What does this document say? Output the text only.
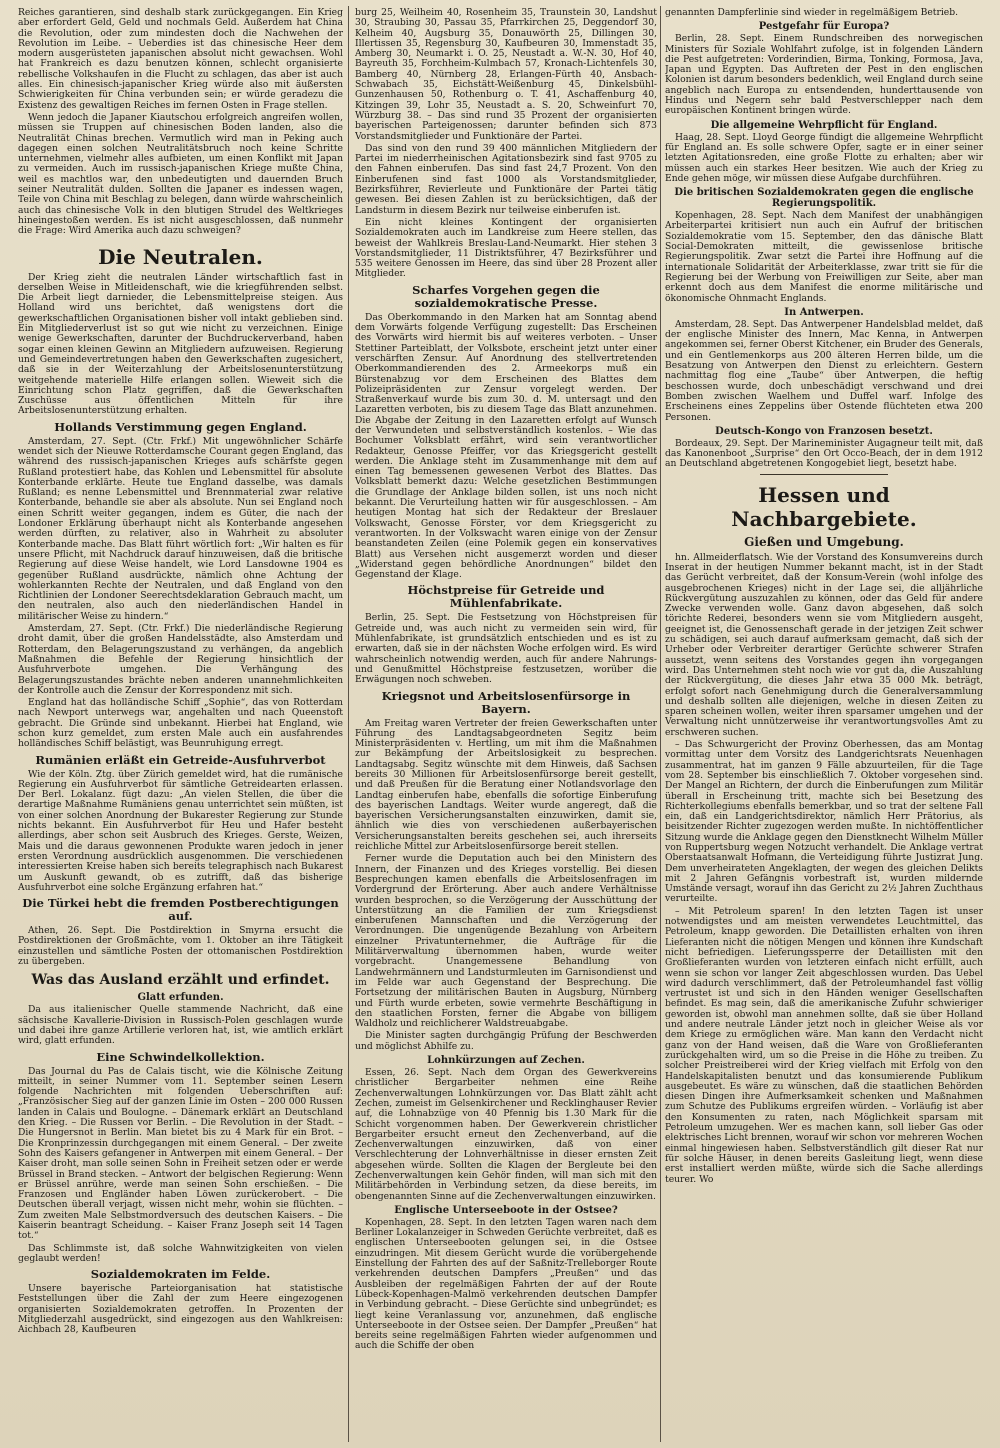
Reiches garantieren, sind deshalb stark zurückgegangen. Ein Krieg aber erfordert Geld, Geld und nochmals Geld. Außerdem hat China die Revolution, oder zum mindesten doch die Nachwehen der Revolution im Leibe. – Ueberdies ist das chinesische Heer dem modern ausgerüsteten japanischen absolut nicht gewachsen. Wohl hat Frankreich es dazu benutzen können, schlecht organisierte rebellische Volkshaufen in die Flucht zu schlagen, das aber ist auch alles. Ein chinesisch-japanischer Krieg würde also mit äußersten Schwierigkeiten für China verbunden sein; er würde geradezu die Existenz des gewaltigen Reiches im fernen Osten in Frage stellen.

Wenn jedoch die Japaner Kiautschou erfolgreich angreifen wollen, müssen sie Truppen auf chinesischen Boden landen, also die Neutralität Chinas brechen. Vermutlich wird man in Peking auch dagegen einen solchen Neutralitätsbruch noch keine Schritte unternehmen, vielmehr alles aufbieten, um einen Konflikt mit Japan zu vermeiden. Auch im russisch-japanischen Kriege mußte China, weil es machtlos war, den unbedeutigten und dauernden Bruch seiner Neutralität dulden. Sollten die Japaner es indessen wagen, Teile von China mit Beschlag zu belegen, dann würde wahrscheinlich auch das chinesische Volk in den blutigen Strudel des Weltkrieges hineingestoßen werden. Es ist nicht ausgeschlossen, daß nunmehr die Frage: Wird Amerika auch dazu schweigen?

Die Neutralen.

Der Krieg zieht die neutralen Länder wirtschaftlich fast in derselben Weise in Mitleidenschaft, wie die kriegführenden selbst. Die Arbeit liegt darnieder, die Lebensmittelpreise steigen. Aus Holland wird uns berichtet, daß wenigstens dort die gewerkschaftlichen Organisationen bisher voll intakt geblieben sind. Ein Mitgliederverlust ist so gut wie nicht zu verzeichnen. Einige wenige Gewerkschaften, darunter der Buchdruckerverband, haben sogar einen kleinen Gewinn an Mitgliedern aufzuweisen. Regierung und Gemeindevertretungen haben den Gewerkschaften zugesichert, daß sie in der Weiterzahlung der Arbeitslosenunterstützung weitgehende materielle Hilfe erlangen sollen. Wieweit sich die Einrichtung schon Platz gegriffen, daß die Gewerkschaften Zuschüsse aus öffentlichen Mitteln für ihre Arbeitslosenunterstützung erhalten.

Hollands Verstimmung gegen England.

Amsterdam, 27. Sept. (Ctr. Frkf.) Mit ungewöhnlicher Schärfe wendet sich der Nieuwe Rotterdamsche Courant gegen England, das während des russisch-japanischen Krieges aufs schärfste gegen Rußland protestiert habe, das Kohlen und Lebensmittel für absolute Konterbande erklärte. Heute tue England dasselbe, was damals Rußland; es nenne Lebensmittel und Brennmaterial zwar relative Konterbande, behandle sie aber als absolute. Nun sei England noch einen Schritt weiter gegangen, indem es Güter, die nach der Londoner Erklärung überhaupt nicht als Konterbande angesehen werden dürften, zu relativer, also in Wahrheit zu absoluter Konterbande mache. Das Blatt führt wörtlich fort: „Wir halten es für unsere Pflicht, mit Nachdruck darauf hinzuweisen, daß die britische Regierung auf diese Weise handelt, wie Lord Lansdowne 1904 es gegenüber Rußland ausdrückte, nämlich ohne Achtung der wohlerkannten Rechte der Neutralen, und daß England von den Richtlinien der Londoner Seerechtsdeklaration Gebrauch macht, um den neutralen, also auch den niederländischen Handel in militärischer Weise zu hindern.“

Amsterdam, 27. Sept. (Ctr. Frkf.) Die niederländische Regierung droht damit, über die großen Handelsstädte, also Amsterdam und Rotterdam, den Belagerungszustand zu verhängen, da angeblich Maßnahmen die Befehle der Regierung hinsichtlich der Ausfuhrverbote umgehen. Die Verhängung des Belagerungszustandes brächte neben anderen unannehmlichkeiten der Kontrolle auch die Zensur der Korrespondenz mit sich.

England hat das holländische Schiff „Sophie“, das von Rotterdam nach Newport unterwegs war, angehalten und nach Queenstoft gebracht. Die Gründe sind unbekannt. Hierbei hat England, wie schon kurz gemeldet, zum ersten Male auch ein ausfahrendes holländisches Schiff belästigt, was Beunruhigung erregt.

Rumänien erläßt ein Getreide-Ausfuhrverbot

Wie der Köln. Ztg. über Zürich gemeldet wird, hat die rumänische Regierung ein Ausfuhrverbot für sämtliche Getreidearten erlassen. Der Berl. Lokalanz. fügt dazu: „An vielen Stellen, die über die derartige Maßnahme Rumäniens genau unterrichtet sein müßten, ist von einer solchen Anordnung der Bukarester Regierung zur Stunde nichts bekannt. Ein Ausfuhrverbot für Heu und Hafer besteht allerdings, aber schon seit Ausbruch des Krieges. Gerste, Weizen, Mais und die daraus gewonnenen Produkte waren jedoch in jener ersten Verordnung ausdrücklich ausgenommen. Die verschiedenen interessierten Kreise haben sich bereits telegraphisch nach Bukarest um Auskunft gewandt, ob es zutrifft, daß das bisherige Ausfuhrverbot eine solche Ergänzung erfahren hat.“

Die Türkei hebt die fremden Postberechtigungen auf.

Athen, 26. Sept. Die Postdirektion in Smyrna ersucht die Postdirektionen der Großmächte, vom 1. Oktober an ihre Tätigkeit einzustellen und sämtliche Posten der ottomanischen Postdirektion zu übergeben.

Was das Ausland erzählt und erfindet.
Glatt erfunden.

Da aus italienischer Quelle stammende Nachricht, daß eine sächsische Kavallerie-Division in Russisch-Polen geschlagen wurde und dabei ihre ganze Artillerie verloren hat, ist, wie amtlich erklärt wird, glatt erfunden.

Eine Schwindelkollektion.

Das Journal du Pas de Calais tischt, wie die Kölnische Zeitung mitteilt, in seiner Nummer vom 11. September seinen Lesern folgende Nachrichten mit folgenden Ueberschriften auf: „Französischer Sieg auf der ganzen Linie im Osten – 200 000 Russen landen in Calais und Boulogne. – Dänemark erklärt an Deutschland den Krieg. – Die Russen vor Berlin. – Die Revolution in der Stadt. – Die Hungersnot in Berlin. Man bietet bis zu 4 Mark für ein Brot. – Die Kronprinzessin durchgegangen mit einem General. – Der zweite Sohn des Kaisers gefangener in Antwerpen mit einem General. – Der Kaiser droht, man solle seinen Sohn in Freiheit setzen oder er werde Brüssel in Brand stecken. – Antwort der belgischen Regierung: Wenn er Brüssel anrühre, werde man seinen Sohn erschießen. – Die Franzosen und Engländer haben Löwen zurückerobert. – Die Deutschen überall verjagt, wissen nicht mehr, wohin sie flüchten. – Zum zweiten Male Selbstmordversuch des deutschen Kaisers. – Die Kaiserin beantragt Scheidung. – Kaiser Franz Joseph seit 14 Tagen tot.“

Das Schlimmste ist, daß solche Wahnwitzigkeiten von vielen geglaubt werden!

Sozialdemokraten im Felde.

Unsere bayerische Parteiorganisation hat statistische Feststellungen über die Zahl der zum Heere eingezogenen organisierten Sozialdemokraten getroffen. In Prozenten der Mitgliederzahl ausgedrückt, sind eingezogen aus den Wahlkreisen: Aichbach 28, Kaufbeuren

burg 25, Weilheim 40, Rosenheim 35, Traunstein 30, Landshut 30, Straubing 30, Passau 35, Pfarrkirchen 25, Deggendorf 30, Kelheim 40, Augsburg 35, Donauwörth 25, Dillingen 30, Illertissen 35, Regensburg 30, Kaufbeuren 30, Immenstadt 35, Amberg 30, Neumarkt i. O. 25, Neustadt a. W.-N. 30, Hof 40, Bayreuth 35, Forchheim-Kulmbach 57, Kronach-Lichtenfels 30, Bamberg 40, Nürnberg 28, Erlangen-Fürth 40, Ansbach-Schwabach 35, Eichstätt-Weißenburg 45, Dinkelsbühl-Gunzenhausen 50, Rothenburg o. T. 41, Aschaffenburg 40, Kitzingen 39, Lohr 35, Neustadt a. S. 20, Schweinfurt 70, Würzburg 38. – Das sind rund 35 Prozent der organisierten bayerischen Parteigenossen; darunter befinden sich 873 Vorstandsmitglieder und Funktionäre der Partei.

Das sind von den rund 39 400 männlichen Mitgliedern der Partei im niederrheinischen Agitationsbezirk sind fast 9705 zu den Fahnen einberufen. Das sind fast 24,7 Prozent. Von den Einberufenen sind fast 1000 als Vorstandsmitglieder, Bezirksführer, Revierleute und Funktionäre der Partei tätig gewesen. Bei diesen Zahlen ist zu berücksichtigen, daß der Landsturm in diesem Bezirk nur teilweise einberufen ist.

Ein nicht kleines Kontingent der organisierten Sozialdemokraten auch im Landkreise zum Heere stellen, das beweist der Wahlkreis Breslau-Land-Neumarkt. Hier stehen 3 Vorstandsmitglieder, 11 Distriktsführer, 47 Bezirksführer und 535 weitere Genossen im Heere, das sind über 28 Prozent aller Mitglieder.

Scharfes Vorgehen gegen die sozialdemokratische Presse.

Das Oberkommando in den Marken hat am Sonntag abend dem Vorwärts folgende Verfügung zugestellt: Das Erscheinen des Vorwärts wird hiermit bis auf weiteres verboten. – Unser Stettiner Parteiblatt, der Volksbote, erscheint jetzt unter einer verschärften Zensur. Auf Anordnung des stellvertretenden Oberkommandierenden des 2. Armeekorps muß ein Bürstenabzug vor dem Erscheinen des Blattes dem Polizeipräsidenten zur Zensur vorgelegt werden. Der Straßenverkauf wurde bis zum 30. d. M. untersagt und den Lazaretten verboten, bis zu diesem Tage das Blatt anzunehmen. Die Abgabe der Zeitung in den Lazaretten erfolgt auf Wunsch der Verwundeten und selbstverständlich kostenlos. – Wie das Bochumer Volksblatt erfährt, wird sein verantwortlicher Redakteur, Genosse Pfeiffer, vor das Kriegsgericht gestellt werden. Die Anklage steht im Zusammenhange mit dem auf einen Tag bemessenen gewesenen Verbot des Blattes. Das Volksblatt bemerkt dazu: Welche gesetzlichen Bestimmungen die Grundlage der Anklage bilden sollen, ist uns noch nicht bekannt. Die Verurteilung hatten wir für ausgeschlossen. – Am heutigen Montag hat sich der Redakteur der Breslauer Volkswacht, Genosse Förster, vor dem Kriegsgericht zu verantworten. In der Volkswacht waren einige von der Zensur beanstandeten Zeilen (eine Polemik gegen ein konservatives Blatt) aus Versehen nicht ausgemerzt worden und dieser „Widerstand gegen behördliche Anordnungen“ bildet den Gegenstand der Klage.

Höchstpreise für Getreide und Mühlenfabrikate.

Berlin, 25. Sept. Die Festsetzung von Höchstpreisen für Getreide und, was auch nicht zu vermeiden sein wird, für Mühlenfabrikate, ist grundsätzlich entschieden und es ist zu erwarten, daß sie in der nächsten Woche erfolgen wird. Es wird wahrscheinlich notwendig werden, auch für andere Nahrungs- und Genußmittel Höchstpreise festzusetzen, worüber die Erwägungen noch schweben.

Kriegsnot und Arbeitslosenfürsorge in Bayern.

Am Freitag waren Vertreter der freien Gewerkschaften unter Führung des Landtagsabgeordneten Segitz beim Ministerpräsidenten v. Hertling, um mit ihm die Maßnahmen zur Bekämpfung der Arbeitslosigkeit zu besprechen. Landtagsabg. Segitz wünschte mit dem Hinweis, daß Sachsen bereits 30 Millionen für Arbeitslosenfürsorge bereit gestellt, und daß Preußen für die Beratung einer Notlandsvorlage den Landtag einberufen habe, ebenfalls die sofortige Einberufung des bayerischen Landtags. Weiter wurde angeregt, daß die bayerischen Versicherungsanstalten einzuwirken, damit sie, ähnlich wie dies von verschiedenen außerbayerischen Versicherungsanstalten bereits geschehen sei, auch ihrerseits reichliche Mittel zur Arbeitslosenfürsorge bereit stellen.

Ferner wurde die Deputation auch bei den Ministern des Innern, der Finanzen und des Krieges vorstellig. Bei diesen Besprechungen kamen ebenfalls die Arbeitslosenfragen im Vordergrund der Erörterung. Aber auch andere Verhältnisse wurden besprochen, so die Verzögerung der Ausschüttung der Unterstützung an die Familien der zum Kriegsdienst einberufenen Mannschaften und die Verzögerung der Verordnungen. Die ungenügende Bezahlung von Arbeitern einzelner Privatunternehmer, die Aufträge für die Militärverwaltung übernommen haben, wurde weiter vorgebracht. Unangemessene Behandlung von Landwehrmännern und Landsturmleuten im Garnisondienst und im Felde war auch Gegenstand der Besprechung. Die Fortsetzung der militärischen Bauten in Augsburg, Nürnberg und Fürth wurde erbeten, sowie vermehrte Beschäftigung in den staatlichen Forsten, ferner die Abgabe von billigem Waldholz und reichlicherer Waldstreuabgabe.

Die Minister sagten durchgängig Prüfung der Beschwerden und möglichst Abhilfe zu.

Lohnkürzungen auf Zechen.

Essen, 26. Sept. Nach dem Organ des Gewerkvereins christlicher Bergarbeiter nehmen eine Reihe Zechenverwaltungen Lohnkürzungen vor. Das Blatt zählt acht Zechen, zumeist im Gelsenkirchener und Recklinghauser Revier auf, die Lohnabzüge von 40 Pfennig bis 1.30 Mark für die Schicht vorgenommen haben. Der Gewerkverein christlicher Bergarbeiter ersucht erneut den Zechenverband, auf die Zechenverwaltungen einzuwirken, daß von einer Verschlechterung der Lohnverhältnisse in dieser ernsten Zeit abgesehen würde. Sollten die Klagen der Bergleute bei den Zechenverwaltungen kein Gehör finden, will man sich mit den Militärbehörden in Verbindung setzen, da diese bereits, im obengenannten Sinne auf die Zechenverwaltungen einzuwirken.

Englische Unterseeboote in der Ostsee?

Kopenhagen, 28. Sept. In den letzten Tagen waren nach dem Berliner Lokalanzeiger in Schweden Gerüchte verbreitet, daß es englischen Unterseebooten gelungen sei, in die Ostsee einzudringen. Mit diesem Gerücht wurde die vorübergehende Einstellung der Fahrten des auf der Saßnitz-Trelleborger Route verkehrenden deutschen Dampfers „Preußen“ und das Ausbleiben der regelmäßigen Fahrten der auf der Route Lübeck-Kopenhagen-Malmö verkehrenden deutschen Dampfer in Verbindung gebracht. – Diese Gerüchte sind unbegründet; es liegt keine Veranlassung vor, anzunehmen, daß englische Unterseeboote in der Ostsee seien. Der Dampfer „Preußen“ hat bereits seine regelmäßigen Fahrten wieder aufgenommen und auch die Schiffe der oben

genannten Dampferlinie sind wieder in regelmäßigem Betrieb.

Pestgefahr für Europa?

Berlin, 28. Sept. Einem Rundschreiben des norwegischen Ministers für Soziale Wohlfahrt zufolge, ist in folgenden Ländern die Pest aufgetreten: Vorderindien, Birma, Tonking, Formosa, Java, Japan und Egypten. Das Auftreten der Pest in den englischen Kolonien ist darum besonders bedenklich, weil England durch seine angeblich nach Europa zu entsendenden, hunderttausende von Hindus und Negern sehr bald Pestverschlepper nach dem europäischen Kontinent bringen würde.

Die allgemeine Wehrpflicht für England.

Haag, 28. Sept. Lloyd George fündigt die allgemeine Wehrpflicht für England an. Es solle schwere Opfer, sagte er in einer seiner letzten Agitationsreden, eine große Flotte zu erhalten; aber wir müssen auch ein starkes Heer besitzen. Wie auch der Krieg zu Ende gehen möge, wir müssen diese Aufgabe durchführen.

Die britischen Sozialdemokraten gegen die englische Regierungspolitik.

Kopenhagen, 28. Sept. Nach dem Manifest der unabhängigen Arbeiterpartei kritisiert nun auch ein Aufruf der britischen Sozialdemokratie vom 15. September, den das dänische Blatt Social-Demokraten mitteilt, die gewissenlose britische Regierungspolitik. Zwar setzt die Partei ihre Hoffnung auf die internationale Solidarität der Arbeiterklasse, zwar tritt sie für die Regierung bei der Werbung von Freiwilligen zur Seite, aber man erkennt doch aus dem Manifest die enorme militärische und ökonomische Ohnmacht Englands.

In Antwerpen.

Amsterdam, 28. Sept. Das Antwerpener Handelsblad meldet, daß der englische Minister des Innern, Mac Kenna, in Antwerpen angekommen sei, ferner Oberst Kitchener, ein Bruder des Generals, und ein Gentlemenkorps aus 200 älteren Herren bilde, um die Besatzung von Antwerpen den Dienst zu erleichtern. Gestern nachmittag flog eine „Taube“ über Antwerpen, die heftig beschossen wurde, doch unbeschädigt verschwand und drei Bomben zwischen Waelhem und Duffel warf. Infolge des Erscheinens eines Zeppelins über Ostende flüchteten etwa 200 Personen.

Deutsch-Kongo von Franzosen besetzt.

Bordeaux, 29. Sept. Der Marineminister Augagneur teilt mit, daß das Kanonenboot „Surprise“ den Ort Occo-Beach, der in dem 1912 an Deutschland abgetretenen Kongogebiet liegt, besetzt habe.

Hessen und Nachbargebiete.
Gießen und Umgebung.

hn. Allmeiderflatsch. Wie der Vorstand des Konsumvereins durch Inserat in der heutigen Nummer bekannt macht, ist in der Stadt das Gerücht verbreitet, daß der Konsum-Verein (wohl infolge des ausgebrochenen Krieges) nicht in der Lage sei, die alljährliche Rückvergütung auszuzahlen zu können, oder das Geld für andere Zwecke verwenden wolle. Ganz davon abgesehen, daß solch törichte Rederei, besonders wenn sie vom Mitgliedern ausgeht, geeignet ist, die Genossenschaft gerade in der jetzigen Zeit schwer zu schädigen, sei auch darauf aufmerksam gemacht, daß sich der Urheber oder Verbreiter derartiger Gerüchte schwerer Strafen aussetzt, wenn seitens des Vorstandes gegen ihn vorgegangen wird. Das Unternehmen steht noch wie vor gut da, die Auszahlung der Rückvergütung, die dieses Jahr etwa 35 000 Mk. beträgt, erfolgt sofort nach Genehmigung durch die Generalversammlung und deshalb sollten alle diejenigen, welche in diesen Zeiten zu sparen scheinen wollen, weiter ihren sparsamer umgehen und der Verwaltung nicht unnützerweise ihr verantwortungsvolles Amt zu erschweren suchen.

– Das Schwurgericht der Provinz Oberhessen, das am Montag vormittag unter dem Vorsitz des Landgerichtsrats Neuenhagen zusammentrat, hat im ganzen 9 Fälle abzuurteilen, für die Tage vom 28. September bis einschließlich 7. Oktober vorgesehen sind. Der Mangel an Richtern, der durch die Einberufungen zum Militär überall in Erscheinung tritt, machte sich bei Besetzung des Richterkollegiums ebenfalls bemerkbar, und so trat der seltene Fall ein, daß ein Landgerichtsdirektor, nämlich Herr Prätorius, als beisitzender Richter zugezogen werden mußte. In nichtöffentlicher Sitzung wurde die Anklage gegen den Dienstknecht Wilhelm Müller von Ruppertsburg wegen Notzucht verhandelt. Die Anklage vertrat Oberstaatsanwalt Hofmann, die Verteidigung führte Justizrat Jung. Dem unverheirateten Angeklagten, der wegen des gleichen Delikts mit 2 Jahren Gefängnis vorbestraft ist, wurden mildernde Umstände versagt, worauf ihn das Gericht zu 2½ Jahren Zuchthaus verurteilte.

– Mit Petroleum sparen! In den letzten Tagen ist unser notwendigstes und am meisten verwendetes Leuchtmittel, das Petroleum, knapp geworden. Die Detaillisten erhalten von ihren Lieferanten nicht die nötigen Mengen und können ihre Kundschaft nicht befriedigen. Lieferungssperre der Detaillisten mit den Großlieferanten wurden von letzteren einfach nicht erfüllt, auch wenn sie schon vor langer Zeit abgeschlossen wurden. Das Uebel wird dadurch verschlimmert, daß der Petroleumhandel fast völlig vertrustet ist und sich in den Händen weniger Gesellschaften befindet. Es mag sein, daß die amerikanische Zufuhr schwieriger geworden ist, obwohl man annehmen sollte, daß sie über Holland und andere neutrale Länder jetzt noch in gleicher Weise als vor dem Kriege zu ermöglichen wäre. Man kann den Verdacht nicht ganz von der Hand weisen, daß die Ware von Großlieferanten zurückgehalten wird, um so die Preise in die Höhe zu treiben. Zu solcher Preistreiberei wird der Krieg vielfach mit Erfolg von den Handelskapitalisten benutzt und das konsumierende Publikum ausgebeutet. Es wäre zu wünschen, daß die staatlichen Behörden diesen Dingen ihre Aufmerksamkeit schenken und Maßnahmen zum Schutze des Publikums ergreifen würden. – Vorläufig ist aber den Konsumenten zu raten, nach Möglichkeit sparsam mit Petroleum umzugehen. Wer es machen kann, soll lieber Gas oder elektrisches Licht brennen, worauf wir schon vor mehreren Wochen einmal hingewiesen haben. Selbstverständlich gilt dieser Rat nur für solche Häuser, in denen bereits Gasleitung liegt, wenn diese erst installiert werden müßte, würde sich die Sache allerdings teurer. Wo
